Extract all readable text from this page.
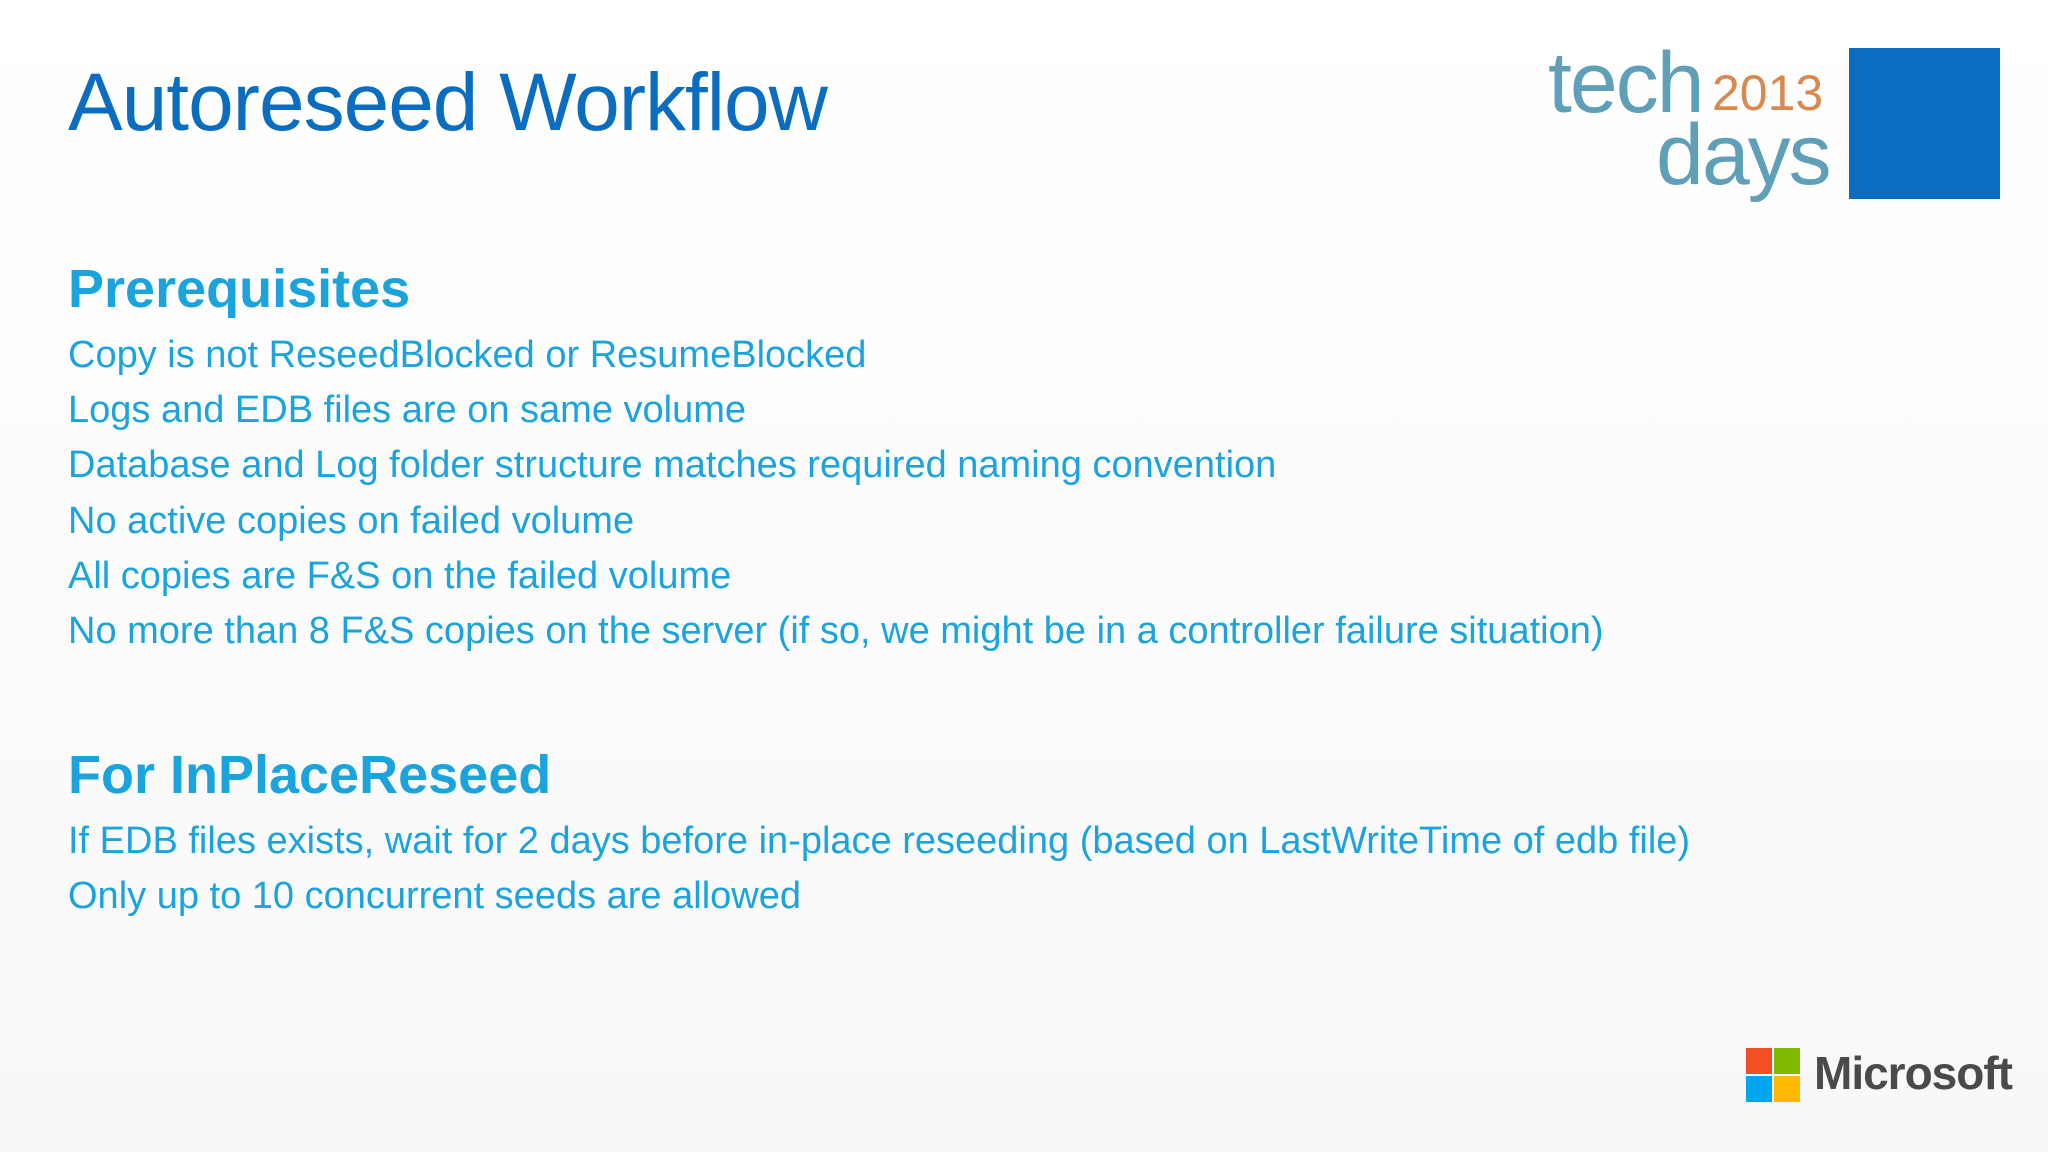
Autoreseed Workflow	tech 2013
days
Prerequisites
Copy is not ReseedBlocked or ResumeBlocked
Logs and EDB files are on same volume
Database and Log folder structure matches required naming convention
No active copies on failed volume
All copies are F&S on the failed volume
No more than 8 F&S copies on the server (if so, we might be in a controller failure situation)
For InPlaceReseed
If EDB files exists, wait for 2 days before in-place reseeding (based on LastWriteTime of edb file)
Only up to 10 concurrent seeds are allowed
Microsoft
